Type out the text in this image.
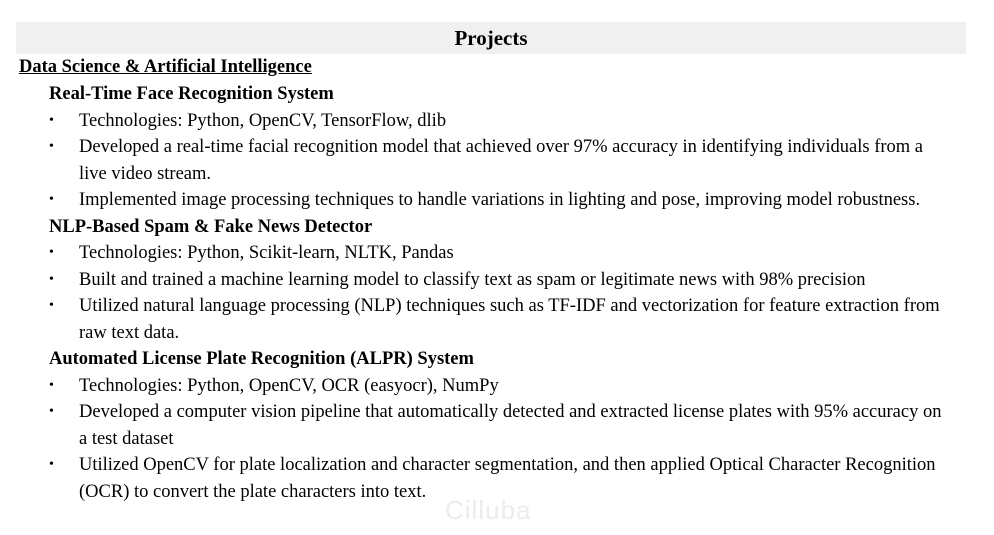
Projects
Data Science & Artificial Intelligence
Real-Time Face Recognition System
• Technologies: Python, OpenCV, TensorFlow, dlib
• Developed a real-time facial recognition model that achieved over 97% accuracy in identifying individuals from a live video stream.
• Implemented image processing techniques to handle variations in lighting and pose, improving model robustness.
NLP-Based Spam & Fake News Detector
• Technologies: Python, Scikit-learn, NLTK, Pandas
• Built and trained a machine learning model to classify text as spam or legitimate news with 98% precision
• Utilized natural language processing (NLP) techniques such as TF-IDF and vectorization for feature extraction from raw text data.
Automated License Plate Recognition (ALPR) System
• Technologies: Python, OpenCV, OCR (easyocr), NumPy
• Developed a computer vision pipeline that automatically detected and extracted license plates with 95% accuracy on a test dataset
• Utilized OpenCV for plate localization and character segmentation, and then applied Optical Character Recognition (OCR) to convert the plate characters into text.
Cilluba
